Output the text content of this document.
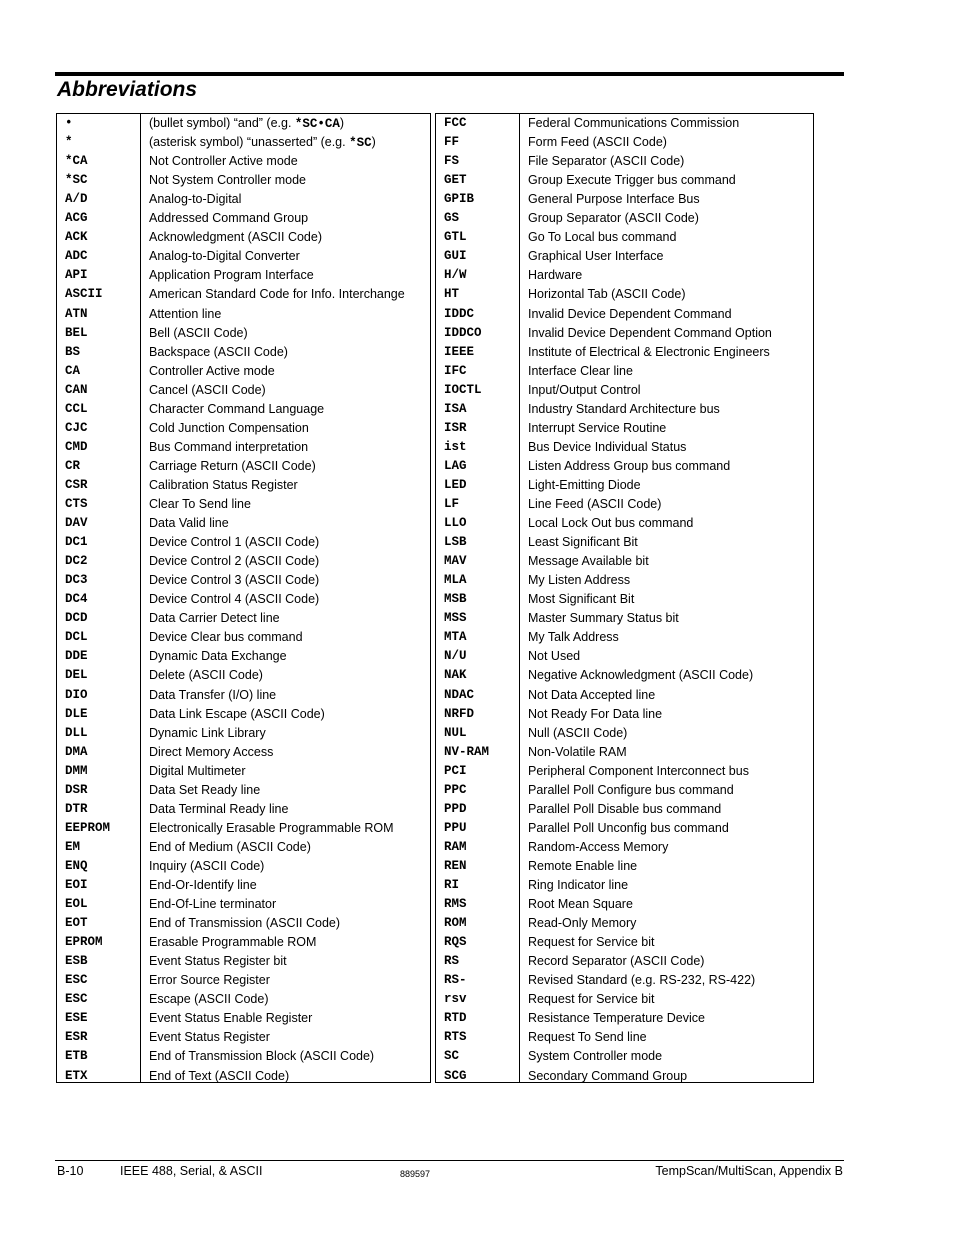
Abbreviations
•	(bullet symbol) “and” (e.g. *SC•CA)
*	(asterisk symbol) “unasserted” (e.g. *SC)
*CA	Not Controller Active mode
*SC	Not System Controller mode
A/D	Analog-to-Digital
ACG	Addressed Command Group
ACK	Acknowledgment (ASCII Code)
ADC	Analog-to-Digital Converter
API	Application Program Interface
ASCII	American Standard Code for Info. Interchange
ATN	Attention line
BEL	Bell (ASCII Code)
BS	Backspace (ASCII Code)
CA	Controller Active mode
CAN	Cancel (ASCII Code)
CCL	Character Command Language
CJC	Cold Junction Compensation
CMD	Bus Command interpretation
CR	Carriage Return (ASCII Code)
CSR	Calibration Status Register
CTS	Clear To Send line
DAV	Data Valid line
DC1	Device Control 1 (ASCII Code)
DC2	Device Control 2 (ASCII Code)
DC3	Device Control 3 (ASCII Code)
DC4	Device Control 4 (ASCII Code)
DCD	Data Carrier Detect line
DCL	Device Clear bus command
DDE	Dynamic Data Exchange
DEL	Delete (ASCII Code)
DIO	Data Transfer (I/O) line
DLE	Data Link Escape (ASCII Code)
DLL	Dynamic Link Library
DMA	Direct Memory Access
DMM	Digital Multimeter
DSR	Data Set Ready line
DTR	Data Terminal Ready line
EEPROM	Electronically Erasable Programmable ROM
EM	End of Medium (ASCII Code)
ENQ	Inquiry (ASCII Code)
EOI	End-Or-Identify line
EOL	End-Of-Line terminator
EOT	End of Transmission (ASCII Code)
EPROM	Erasable Programmable ROM
ESB	Event Status Register bit
ESC	Error Source Register
ESC	Escape (ASCII Code)
ESE	Event Status Enable Register
ESR	Event Status Register
ETB	End of Transmission Block (ASCII Code)
ETX	End of Text (ASCII Code)
FCC	Federal Communications Commission
FF	Form Feed (ASCII Code)
FS	File Separator (ASCII Code)
GET	Group Execute Trigger bus command
GPIB	General Purpose Interface Bus
GS	Group Separator (ASCII Code)
GTL	Go To Local bus command
GUI	Graphical User Interface
H/W	Hardware
HT	Horizontal Tab (ASCII Code)
IDDC	Invalid Device Dependent Command
IDDCO	Invalid Device Dependent Command Option
IEEE	Institute of Electrical & Electronic Engineers
IFC	Interface Clear line
IOCTL	Input/Output Control
ISA	Industry Standard Architecture bus
ISR	Interrupt Service Routine
ist	Bus Device Individual Status
LAG	Listen Address Group bus command
LED	Light-Emitting Diode
LF	Line Feed (ASCII Code)
LLO	Local Lock Out bus command
LSB	Least Significant Bit
MAV	Message Available bit
MLA	My Listen Address
MSB	Most Significant Bit
MSS	Master Summary Status bit
MTA	My Talk Address
N/U	Not Used
NAK	Negative Acknowledgment (ASCII Code)
NDAC	Not Data Accepted line
NRFD	Not Ready For Data line
NUL	Null (ASCII Code)
NV-RAM	Non-Volatile RAM
PCI	Peripheral Component Interconnect bus
PPC	Parallel Poll Configure bus command
PPD	Parallel Poll Disable bus command
PPU	Parallel Poll Unconfig bus command
RAM	Random-Access Memory
REN	Remote Enable line
RI	Ring Indicator line
RMS	Root Mean Square
ROM	Read-Only Memory
RQS	Request for Service bit
RS	Record Separator (ASCII Code)
RS-	Revised Standard (e.g. RS-232, RS-422)
rsv	Request for Service bit
RTD	Resistance Temperature Device
RTS	Request To Send line
SC	System Controller mode
SCG	Secondary Command Group
B-10	IEEE 488, Serial, & ASCII	889597	TempScan/MultiScan, Appendix B
